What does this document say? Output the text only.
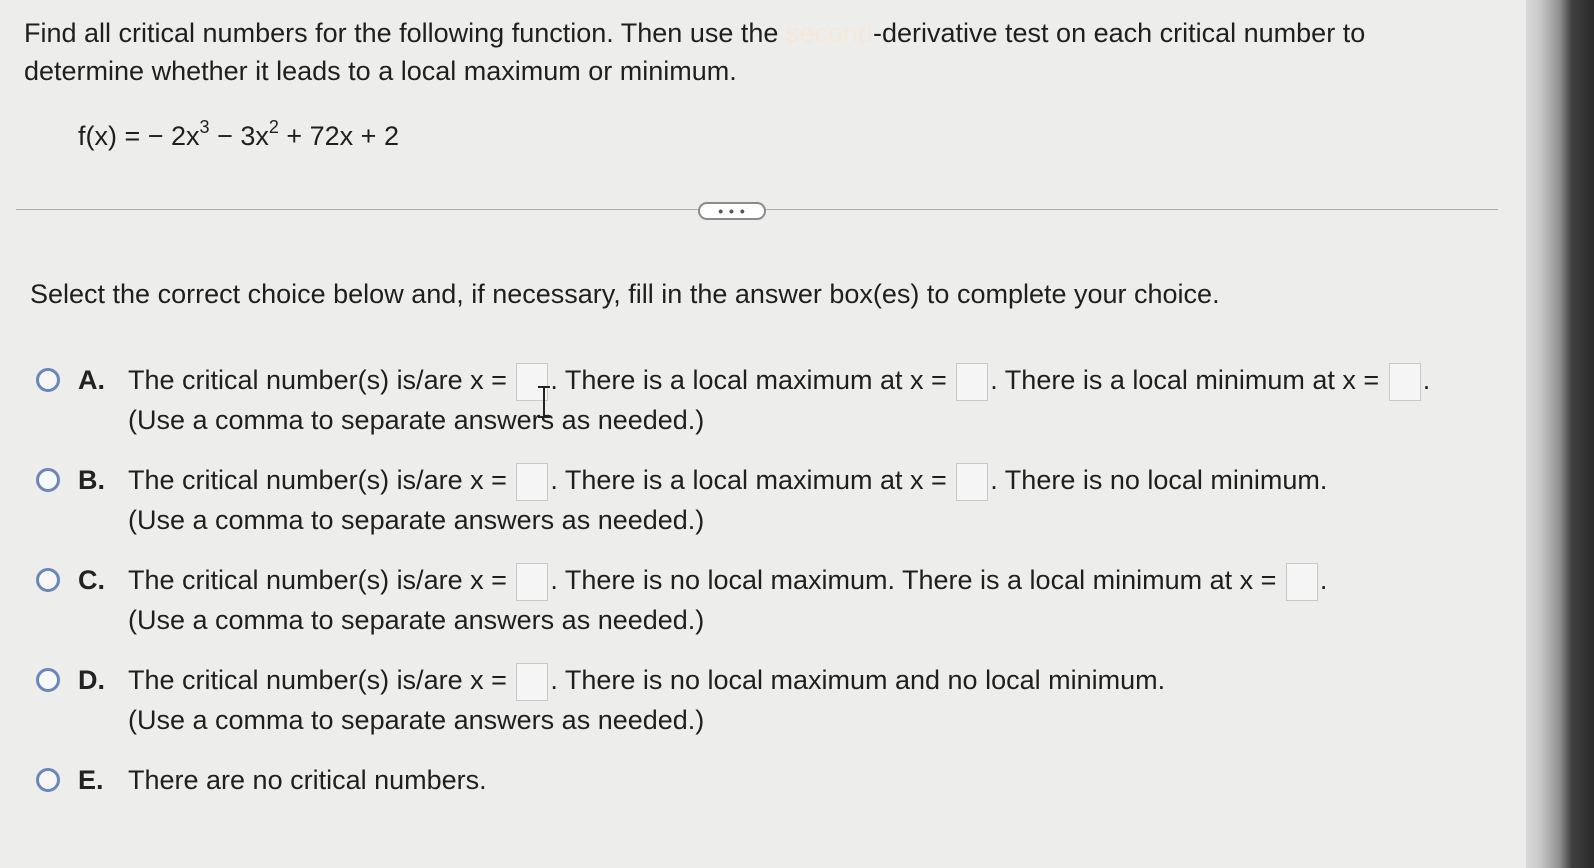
Find all critical numbers for the following function. Then use the second-derivative test on each critical number to determine whether it leads to a local maximum or minimum.
f(x) = − $2x^3 - 3x^2 + 72x + 2$
• • •
Select the correct choice below and, if necessary, fill in the answer box(es) to complete your choice.
A. The critical number(s) is/are x = . There is a local maximum at x = . There is a local minimum at x = .
(Use a comma to separate answers as needed.)
B. The critical number(s) is/are x = . There is a local maximum at x = . There is no local minimum.
(Use a comma to separate answers as needed.)
C. The critical number(s) is/are x = . There is no local maximum. There is a local minimum at x = .
(Use a comma to separate answers as needed.)
D. The critical number(s) is/are x = . There is no local maximum and no local minimum.
(Use a comma to separate answers as needed.)
E. There are no critical numbers.
